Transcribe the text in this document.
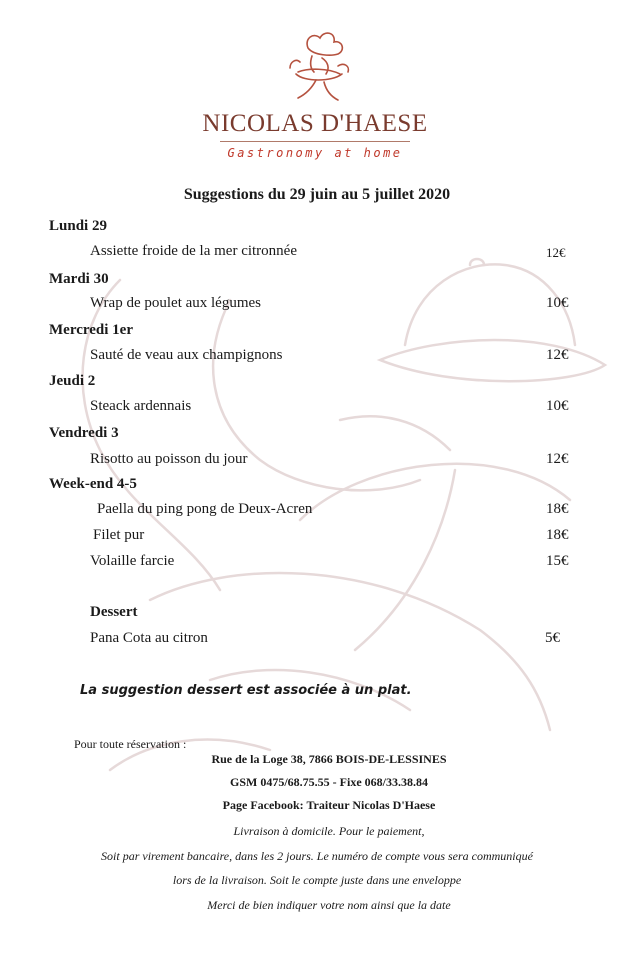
NICOLAS D'HAESE
Gastronomy at home
Suggestions du 29 juin au 5 juillet 2020
Lundi 29
Assiette froide de la mer citronnée	12€
Mardi 30
Wrap de poulet aux légumes	10€
Mercredi 1er
Sauté de veau aux champignons	12€
Jeudi 2
Steack ardennais	10€
Vendredi 3
Risotto au poisson du jour	12€
Week-end 4-5
Paella du ping pong de Deux-Acren	18€
Filet pur	18€
Volaille farcie	15€
Dessert
Pana Cota au citron	5€
La suggestion dessert est associée à un plat.
Pour toute réservation :
Rue de la Loge 38, 7866 BOIS-DE-LESSINES
GSM 0475/68.75.55 - Fixe 068/33.38.84
Page Facebook: Traiteur Nicolas D'Haese
Livraison à domicile. Pour le paiement,
Soit par virement bancaire, dans les 2 jours. Le numéro de compte vous sera communiqué
lors de la livraison. Soit le compte juste dans une enveloppe
Merci de bien indiquer votre nom ainsi que la date
